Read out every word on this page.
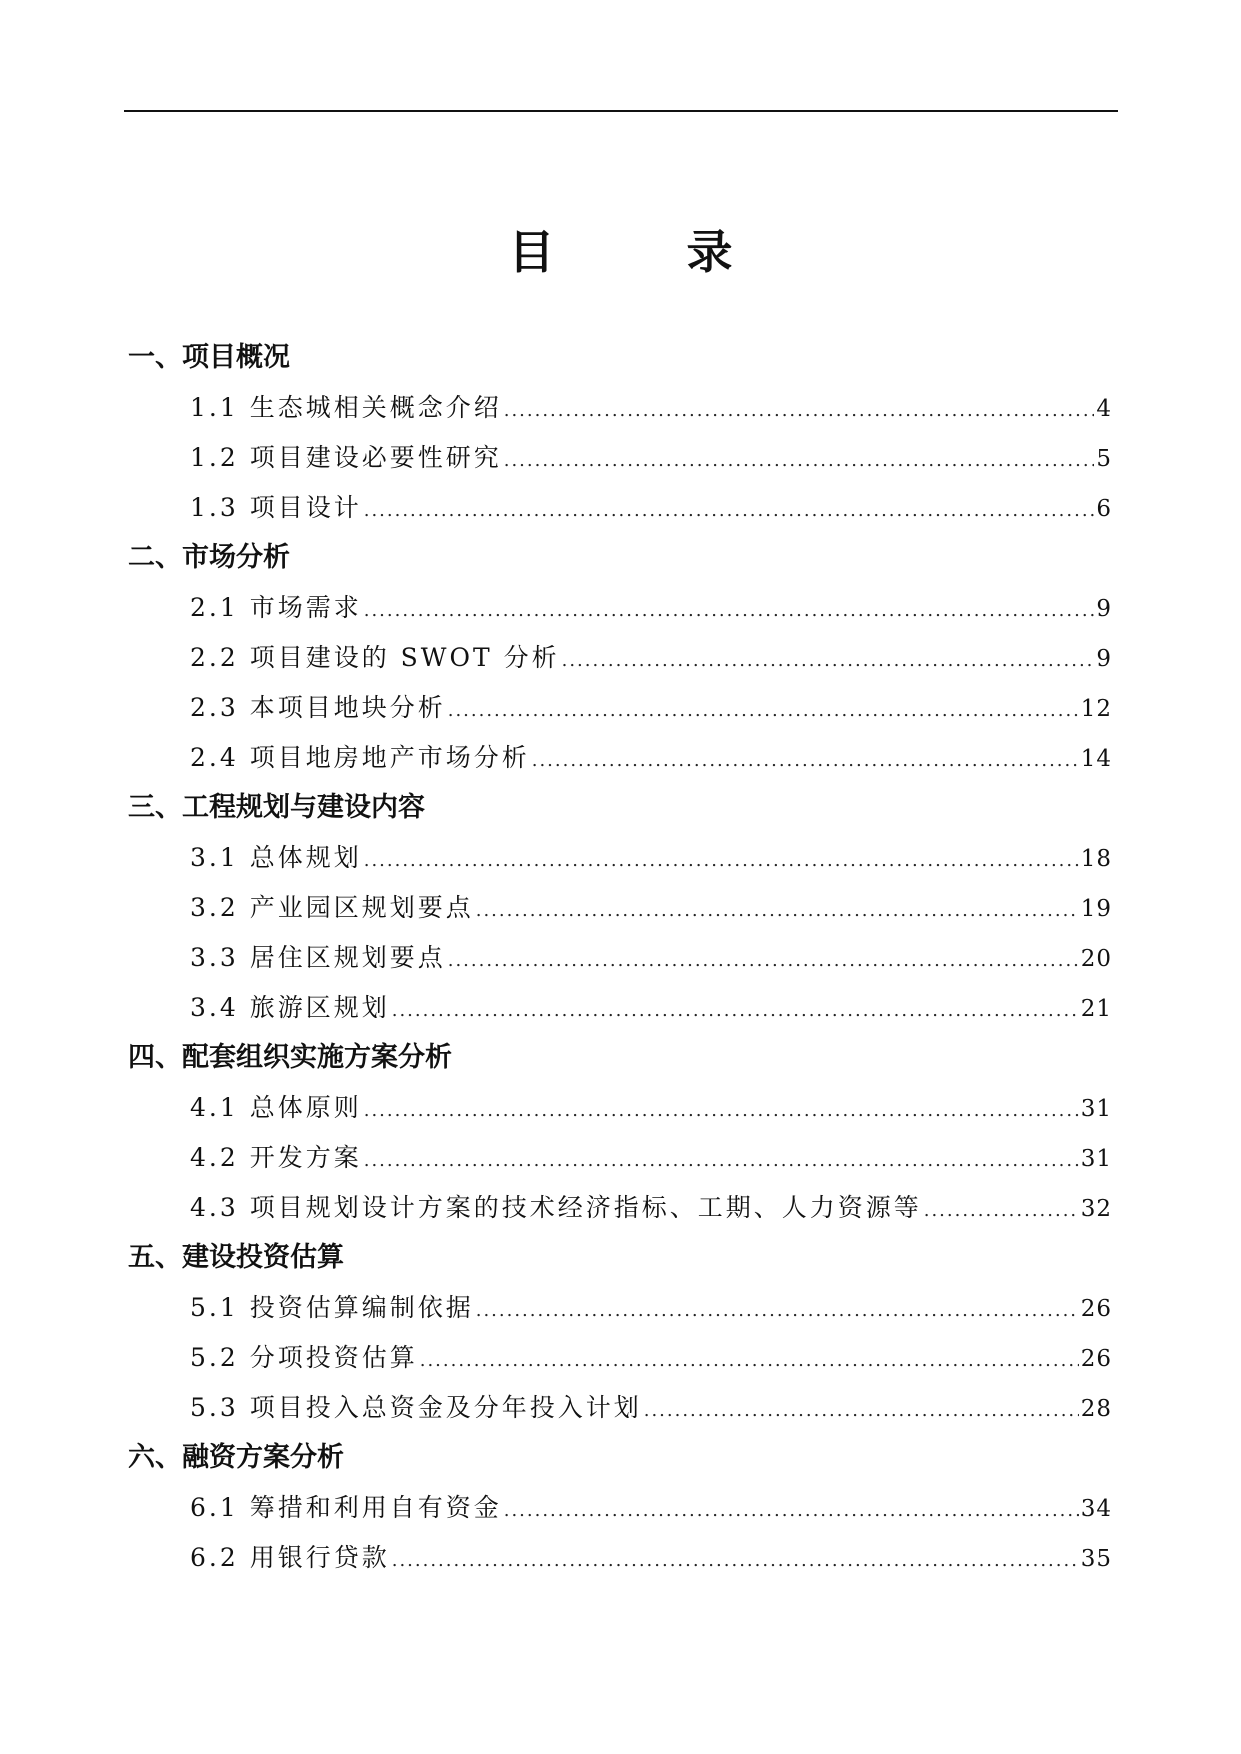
目 录
一、项目概况
1.1 生态城相关概念介绍 .....	4
1.2 项目建设必要性研究 .....	5
1.3 项目设计 .....	6
二、市场分析
2.1 市场需求 .....	9
2.2 项目建设的 SWOT 分析 .....	9
2.3 本项目地块分析 .....	12
2.4 项目地房地产市场分析 .....	14
三、工程规划与建设内容
3.1 总体规划 .....	18
3.2 产业园区规划要点 .....	19
3.3 居住区规划要点 .....	20
3.4 旅游区规划 .....	21
四、配套组织实施方案分析
4.1 总体原则 .....	31
4.2 开发方案 .....	31
4.3 项目规划设计方案的技术经济指标、工期、人力资源等 .....	32
五、建设投资估算
5.1 投资估算编制依据 .....	26
5.2 分项投资估算 .....	26
5.3 项目投入总资金及分年投入计划 .....	28
六、融资方案分析
6.1 筹措和利用自有资金 .....	34
6.2 用银行贷款 .....	35
